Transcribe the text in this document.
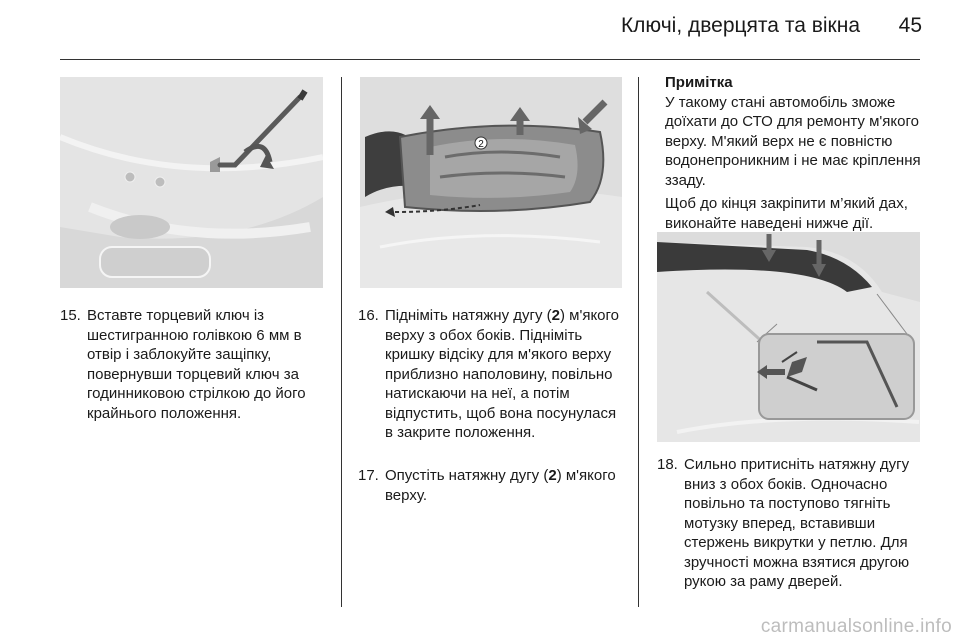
Ключі, дверцята та вікна	45
2
15. Вставте торцевий ключ із шестигранною голівкою 6 мм в отвір і заблокуйте защіпку, повернувши торцевий ключ за годинниковою стрілкою до його крайнього положення.
16. Підніміть натяжну дугу (2) м'якого верху з обох боків. Підніміть кришку відсіку для м'якого верху приблизно наполовину, повільно натискаючи на неї, а потім відпустить, щоб вона посунулася в закрите положення.
17. Опустіть натяжну дугу (2) м'якого верху.
Примітка

У такому стані автомобіль зможе доїхати до СТО для ремонту м'якого верху. М'який верх не є повністю водонепроникним і не має кріплення ззаду.

Щоб до кінця закріпити м’який дах, виконайте наведені нижче дії.

18. Сильно притисніть натяжну дугу вниз з обох боків. Одночасно повільно та поступово тягніть мотузку вперед, вставивши стержень викрутки у петлю. Для зручності можна взятися другою рукою за раму дверей.
carmanualsonline.info
